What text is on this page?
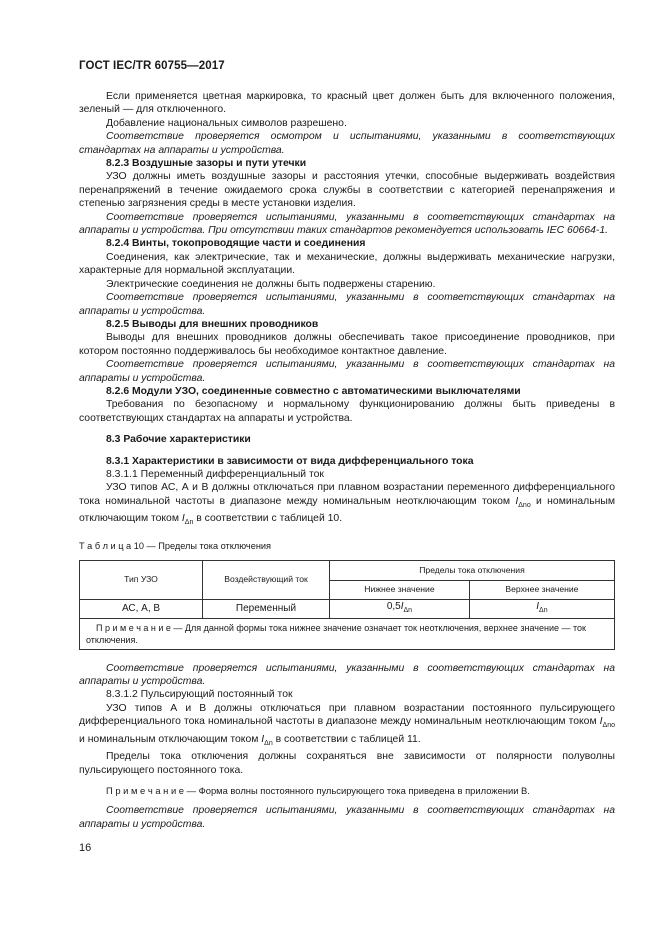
ГОСТ IEC/TR 60755—2017

Если применяется цветная маркировка, то красный цвет должен быть для включенного положения, зеленый — для отключенного.

Добавление национальных символов разрешено.

Соответствие проверяется осмотром и испытаниями, указанными в соответствующих стандартах на аппараты и устройства.

8.2.3 Воздушные зазоры и пути утечки

УЗО должны иметь воздушные зазоры и расстояния утечки, способные выдерживать воздействия перенапряжений в течение ожидаемого срока службы в соответствии с категорией перенапряжения и степенью загрязнения среды в месте установки изделия.

Соответствие проверяется испытаниями, указанными в соответствующих стандартах на аппараты и устройства. При отсутствии таких стандартов рекомендуется использовать IEC 60664-1.

8.2.4 Винты, токопроводящие части и соединения

Соединения, как электрические, так и механические, должны выдерживать механические нагрузки, характерные для нормальной эксплуатации.

Электрические соединения не должны быть подвержены старению.

Соответствие проверяется испытаниями, указанными в соответствующих стандартах на аппараты и устройства.

8.2.5 Выводы для внешних проводников

Выводы для внешних проводников должны обеспечивать такое присоединение проводников, при котором постоянно поддерживалось бы необходимое контактное давление.

Соответствие проверяется испытаниями, указанными в соответствующих стандартах на аппараты и устройства.

8.2.6 Модули УЗО, соединенные совместно с автоматическими выключателями

Требования по безопасному и нормальному функционированию должны быть приведены в соответствующих стандартах на аппараты и устройства.

8.3 Рабочие характеристики

8.3.1 Характеристики в зависимости от вида дифференциального тока

8.3.1.1 Переменный дифференциальный ток

УЗО типов АС, А и В должны отключаться при плавном возрастании переменного дифференциального тока номинальной частоты в диапазоне между номинальным неотключающим током $I_{\Delta no}$ и номинальным отключающим током $I_{\Delta n}$ в соответствии с таблицей 10.

Т а б л и ц а 10 — Пределы тока отключения
Тип УЗО	Воздействующий ток	Пределы тока отключения	
		Нижнее значение	Верхнее значение
АС, А, В	Переменный	$0,5I_{\Delta n}$	$I_{\Delta n}$
П р и м е ч а н и е — Для данной формы тока нижнее значение означает ток неотключения, верхнее значение — ток отключения.			

Соответствие проверяется испытаниями, указанными в соответствующих стандартах на аппараты и устройства.

8.3.1.2 Пульсирующий постоянный ток

УЗО типов А и В должны отключаться при плавном возрастании постоянного пульсирующего дифференциального тока номинальной частоты в диапазоне между номинальным неотключающим током $I_{\Delta no}$ и номинальным отключающим током $I_{\Delta n}$ в соответствии с таблицей 11.

Пределы тока отключения должны сохраняться вне зависимости от полярности полуволны пульсирующего постоянного тока.

П р и м е ч а н и е — Форма волны постоянного пульсирующего тока приведена в приложении В.

Соответствие проверяется испытаниями, указанными в соответствующих стандартах на аппараты и устройства.

16
